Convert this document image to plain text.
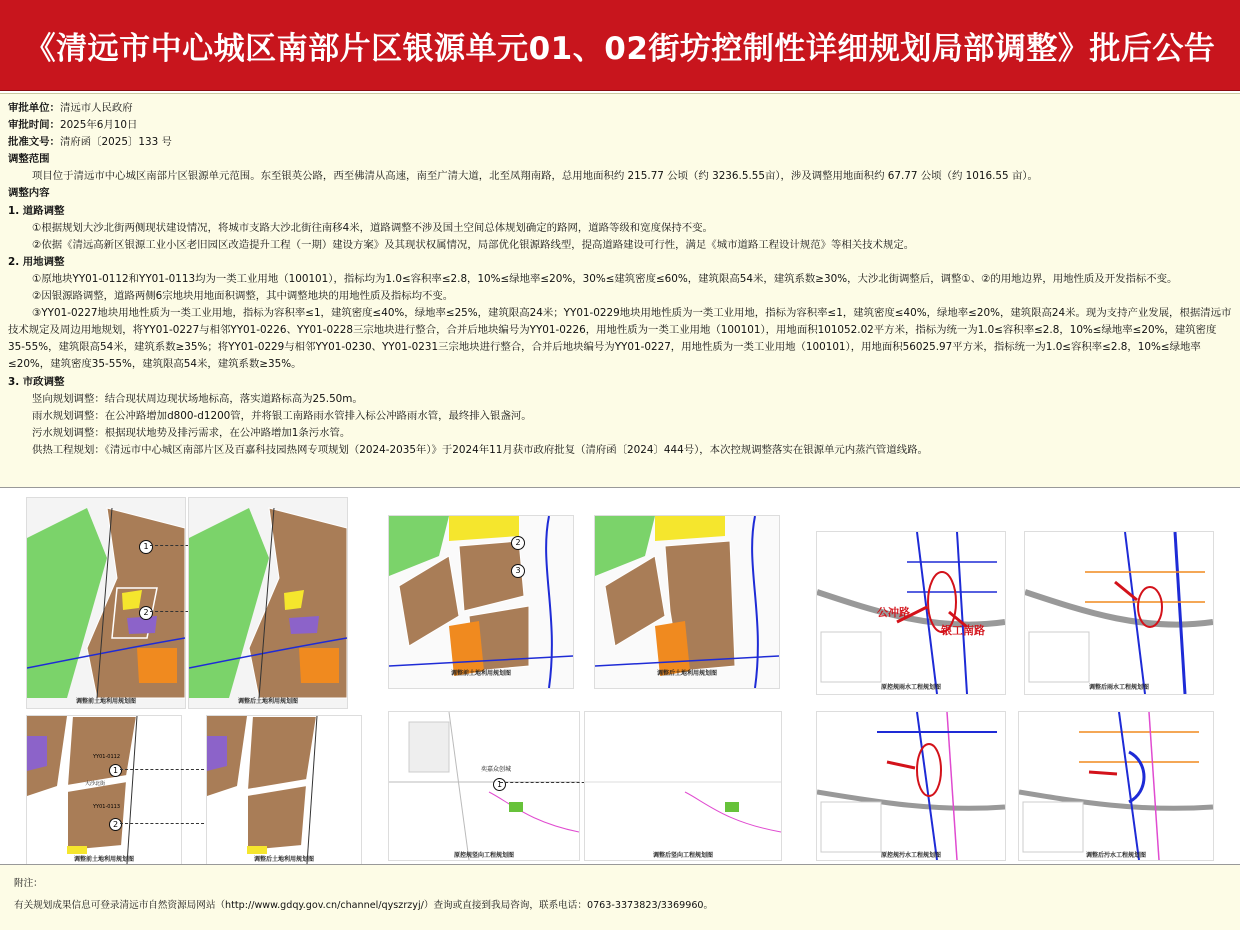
《清远市中心城区南部片区银源单元01、02街坊控制性详细规划局部调整》批后公告
审批单位：清远市人民政府
审批时间：2025年6月10日
批准文号：清府函〔2025〕133 号
调整范围
项目位于清远市中心城区南部片区银源单元范围。东至银英公路，西至佛清从高速，南至广清大道，北至凤翔南路，总用地面积约 215.77 公顷（约 3236.5.55亩），涉及调整用地面积约 67.77 公顷（约 1016.55 亩）。
调整内容
1. 道路调整
①根据规划大沙北街两侧现状建设情况，将城市支路大沙北街往南移4米，道路调整不涉及国土空间总体规划确定的路网，道路等级和宽度保持不变。
②依据《清远高新区银源工业小区老旧园区改造提升工程（一期）建设方案》及其现状权属情况，局部优化银源路线型，提高道路建设可行性，满足《城市道路工程设计规范》等相关技术规定。
2. 用地调整
①原地块YY01-0112和YY01-0113均为一类工业用地（100101），指标均为1.0≤容积率≤2.8，10%≤绿地率≤20%，30%≤建筑密度≤60%，建筑限高54米，建筑系数≥30%，大沙北街调整后，调整①、②的用地边界，用地性质及开发指标不变。
②因银源路调整，道路两侧6宗地块用地面积调整，其中调整地块的用地性质及指标均不变。
③YY01-0227地块用地性质为一类工业用地，指标为容积率≤1，建筑密度≤40%，绿地率≤25%，建筑限高24米；YY01-0229地块用地性质为一类工业用地，指标为容积率≤1，建筑密度≤40%，绿地率≤20%，建筑限高24米。现为支持产业发展，根据清远市技术规定及周边用地规划，将YY01-0227与相邻YY01-0226、YY01-0228三宗地块进行整合，合并后地块编号为YY01-0226，用地性质为一类工业用地（100101），用地面积101052.02平方米，指标为统一为1.0≤容积率≤2.8，10%≤绿地率≤20%，建筑密度35-55%，建筑限高54米，建筑系数≥35%；将YY01-0229与相邻YY01-0230、YY01-0231三宗地块进行整合，合并后地块编号为YY01-0227，用地性质为一类工业用地（100101），用地面积56025.97平方米，指标统一为1.0≤容积率≤2.8，10%≤绿地率≤20%，建筑密度35-55%，建筑限高54米，建筑系数≥35%。
3. 市政调整
竖向规划调整：结合现状周边现状场地标高，落实道路标高为25.50m。
雨水规划调整：在公冲路增加d800-d1200管，并将银工南路雨水管排入标公冲路雨水管，最终排入银盏河。
污水规划调整：根据现状地势及排污需求，在公冲路增加1条污水管。
供热工程规划：《清远市中心城区南部片区及百嘉科技园热网专项规划（2024-2035年）》于2024年11月获市政府批复（清府函〔2024〕444号），本次控规调整落实在银源单元内蒸汽管道线路。
调整前土地利用规划图
1
2
调整后土地利用规划图
调整前土地利用规划图
2
3
调整后土地利用规划图
公冲路
银工南路
原控规雨水工程规划图	调整后雨水工程规划图
YY01-0112
YY01-0113
大沙北街
1
2
调整前土地利用规划图	调整后土地利用规划图
奕嘉众创城
1
原控规竖向工程规划图	调整后竖向工程规划图	原控规污水工程规划图	调整后污水工程规划图
附注：
有关规划成果信息可登录清远市自然资源局网站（http://www.gdqy.gov.cn/channel/qyszrzyj/）查询或直接到我局咨询，联系电话：0763-3373823/3369960。
